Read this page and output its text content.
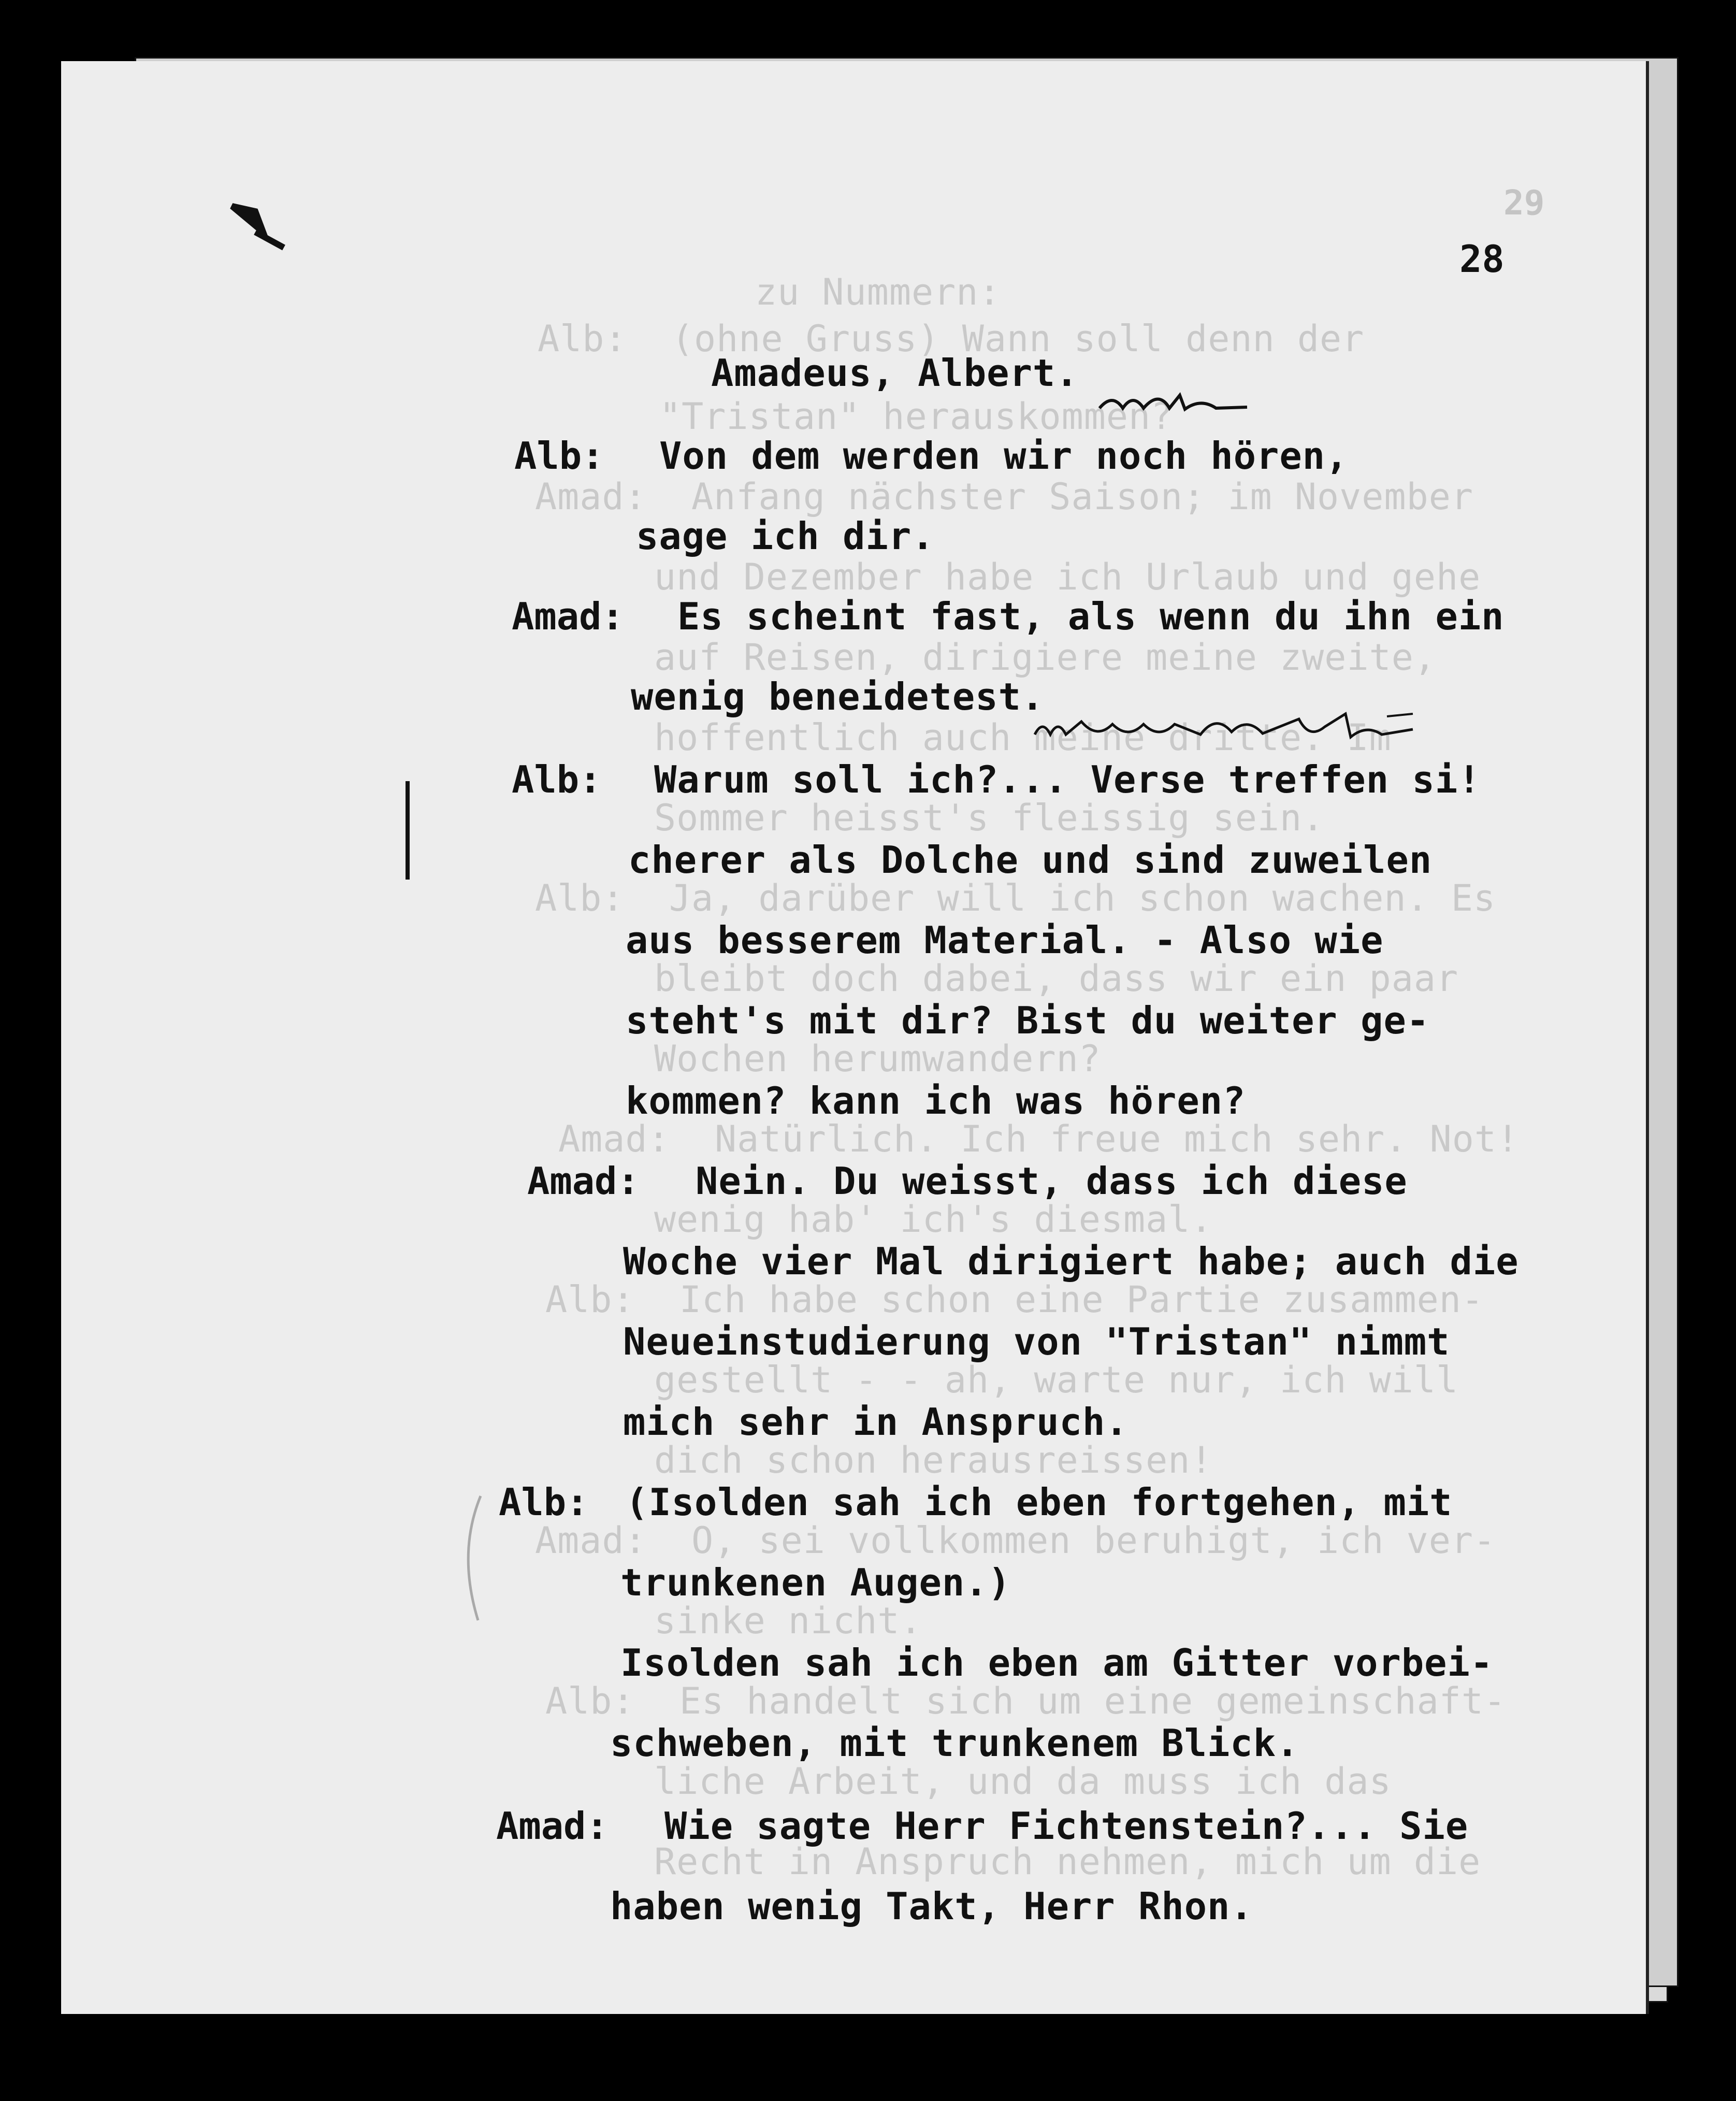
zu Nummern:
Alb:  (ohne Gruss) Wann soll denn der
"Tristan" herauskommen?
Amad:  Anfang nächster Saison; im November
und Dezember habe ich Urlaub und gehe
auf Reisen, dirigiere meine zweite,
hoffentlich auch meine dritte. Im
Sommer heisst's fleissig sein.
Alb:  Ja, darüber will ich schon wachen. Es
bleibt doch dabei, dass wir ein paar
Wochen herumwandern?
Amad:  Natürlich. Ich freue mich sehr. Not!
wenig hab' ich's diesmal.
Alb:  Ich habe schon eine Partie zusammen-
gestellt - - ah, warte nur, ich will
dich schon herausreissen!
Amad:  O, sei vollkommen beruhigt, ich ver-
sinke nicht.
Alb:  Es handelt sich um eine gemeinschaft-
liche Arbeit, und da muss ich das
Recht in Anspruch nehmen, mich um die
29
28
Amadeus, Albert.
Alb: Von dem werden wir noch hören,
sage ich dir.
Amad: Es scheint fast, als wenn du ihn ein
wenig beneidetest.
Alb: Warum soll ich?... Verse treffen si!
cherer als Dolche und sind zuweilen
aus besserem Material. - Also wie
steht's mit dir? Bist du weiter ge-
kommen? kann ich was hören?
Amad: Nein. Du weisst, dass ich diese
Woche vier Mal dirigiert habe; auch die
Neueinstudierung von "Tristan" nimmt
mich sehr in Anspruch.
Alb: (Isolden sah ich eben fortgehen, mit
trunkenen Augen.)
Isolden sah ich eben am Gitter vorbei-
schweben, mit trunkenem Blick.
Amad: Wie sagte Herr Fichtenstein?... Sie
haben wenig Takt, Herr Rhon.
